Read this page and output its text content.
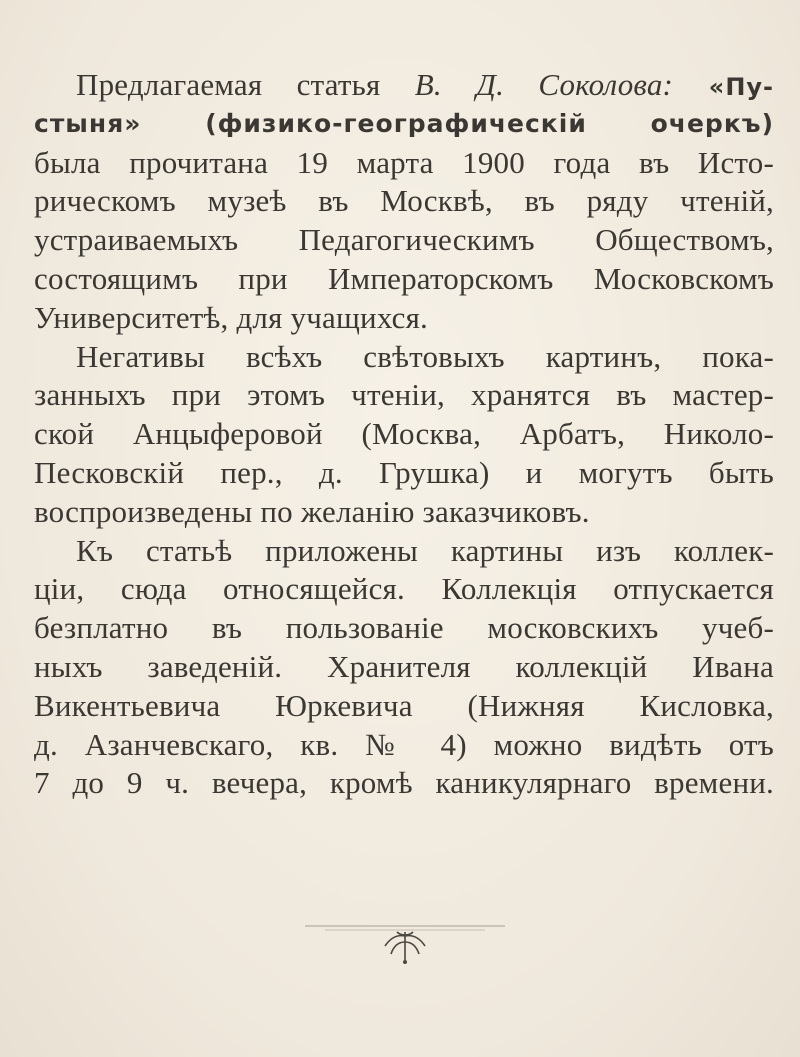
Предлагаемая статья В. Д. Соколова: «Пу-
стыня» (физико-географическій очеркъ)
была прочитана 19 марта 1900 года въ Исто-
рическомъ музеѣ въ Москвѣ, въ ряду чтеній,
устраиваемыхъ Педагогическимъ Обществомъ,
состоящимъ при Императорскомъ Московскомъ
Университетѣ, для учащихся.
Негативы всѣхъ свѣтовыхъ картинъ, пока-
занныхъ при этомъ чтеніи, хранятся въ мастер-
ской Анцыферовой (Москва, Арбатъ, Николо-
Песковскій пер., д. Грушка) и могутъ быть
воспроизведены по желанію заказчиковъ.
Къ статьѣ приложены картины изъ коллек-
ціи, сюда относящейся. Коллекція отпускается
безплатно въ пользованіе московскихъ учеб-
ныхъ заведеній. Хранителя коллекцій Ивана
Викентьевича Юркевича (Нижняя Кисловка,
д. Азанчевскаго, кв. № 4) можно видѣть отъ
7 до 9 ч. вечера, кромѣ каникулярнаго времени.
